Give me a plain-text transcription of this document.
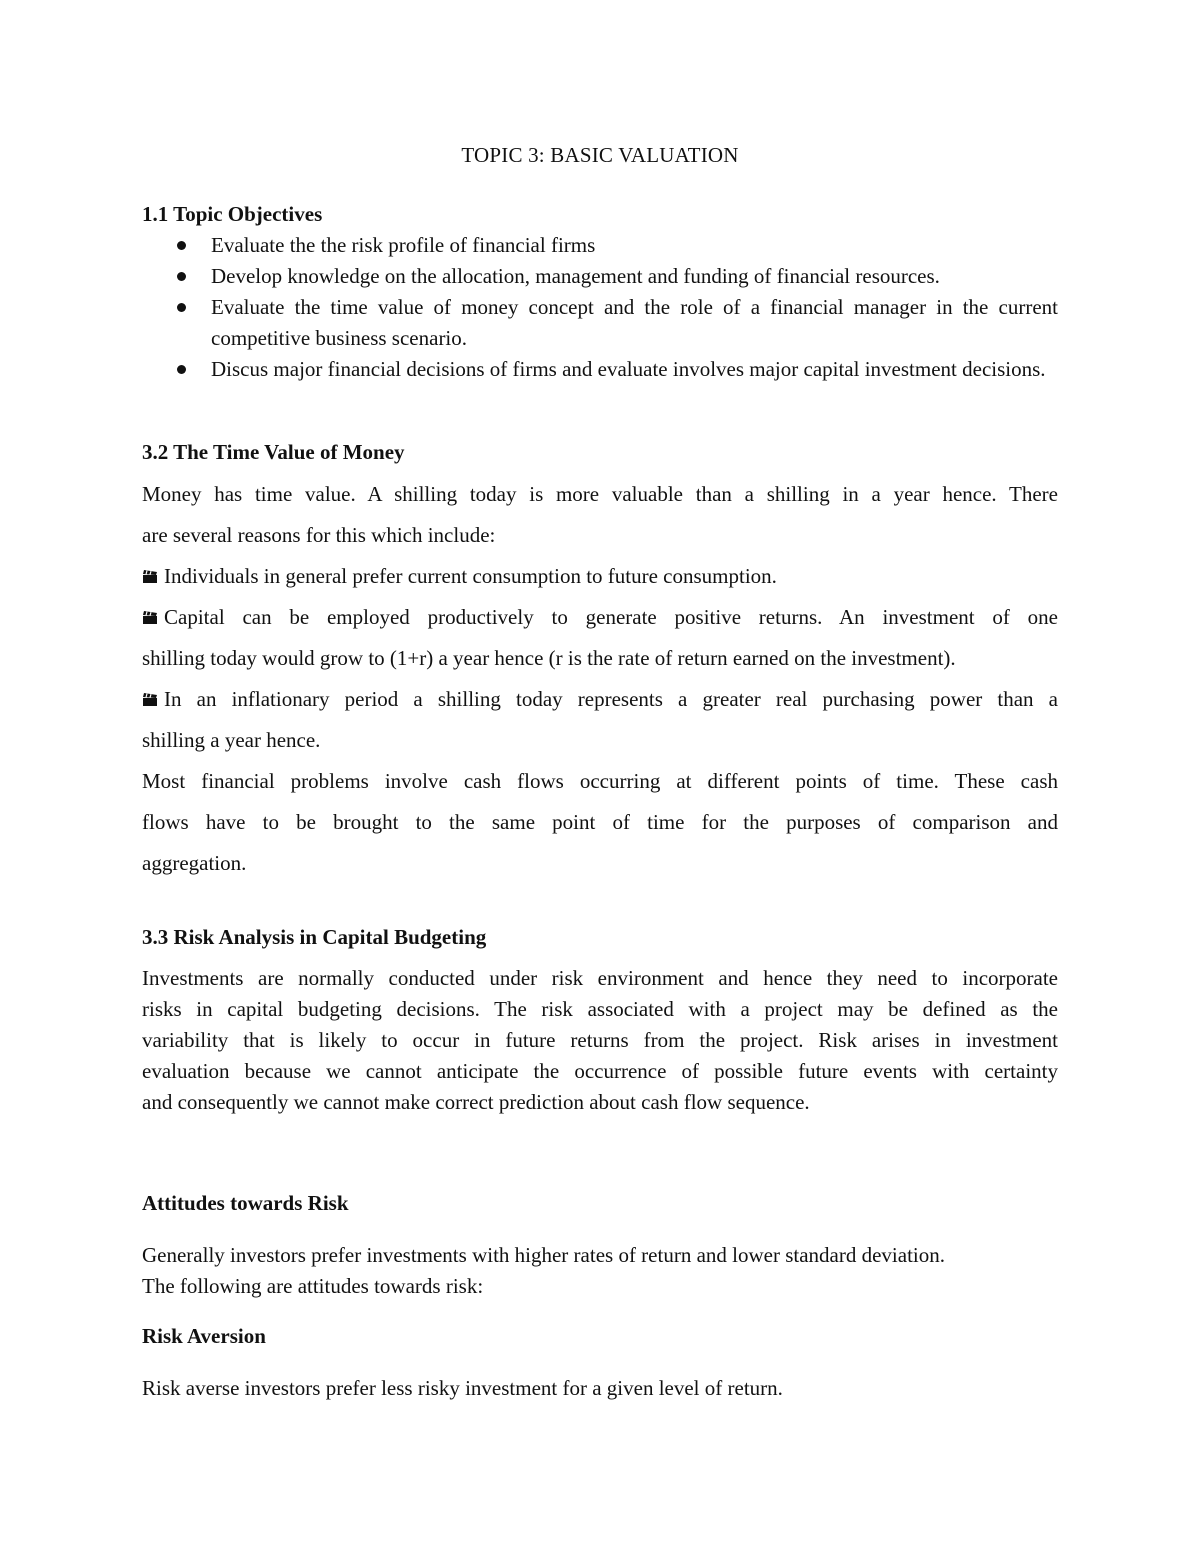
TOPIC 3: BASIC VALUATION
1.1 Topic Objectives
Evaluate the the risk profile of financial firms
Develop knowledge on the allocation, management and funding of financial resources.
Evaluate the time value of money concept and the role of a financial manager in the current competitive business scenario.
Discus major financial decisions of firms and evaluate involves major capital investment decisions.
3.2 The Time Value of Money
Money has time value. A shilling today is more valuable than a shilling in a year hence. There
are several reasons for this which include:
Individuals in general prefer current consumption to future consumption.
Capital can be employed productively to generate positive returns. An investment of one
shilling today would grow to (1+r) a year hence (r is the rate of return earned on the investment).
In an inflationary period a shilling today represents a greater real purchasing power than a
shilling a year hence.
Most financial problems involve cash flows occurring at different points of time. These cash
flows have to be brought to the same point of time for the purposes of comparison and
aggregation.
3.3 Risk Analysis in Capital Budgeting
Investments are normally conducted under risk environment and hence they need to incorporate
risks in capital budgeting decisions. The risk associated with a project may be defined as the
variability that is likely to occur in future returns from the project. Risk arises in investment
evaluation because we cannot anticipate the occurrence of possible future events with certainty
and consequently we cannot make correct prediction about cash flow sequence.
Attitudes towards Risk
Generally investors prefer investments with higher rates of return and lower standard deviation.
The following are attitudes towards risk:
Risk Aversion
Risk averse investors prefer less risky investment for a given level of return.
